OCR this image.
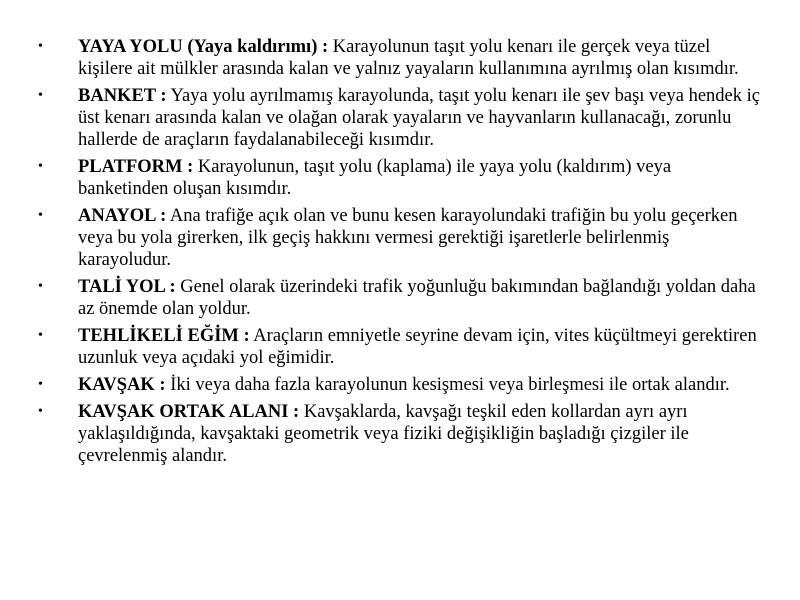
• YAYA YOLU (Yaya kaldırımı) : Karayolunun taşıt yolu kenarı ile gerçek veya tüzel kişilere ait mülkler arasında kalan ve yalnız yayaların kullanımına ayrılmış olan kısımdır.
• BANKET : Yaya yolu ayrılmamış karayolunda, taşıt yolu kenarı ile şev başı veya hendek iç üst kenarı arasında kalan ve olağan olarak yayaların ve hayvanların kullanacağı, zorunlu hallerde de araçların faydalanabileceği kısımdır.
• PLATFORM : Karayolunun, taşıt yolu (kaplama) ile yaya yolu (kaldırım) veya banketinden oluşan kısımdır.
• ANAYOL : Ana trafiğe açık olan ve bunu kesen karayolundaki trafiğin bu yolu geçerken veya bu yola girerken, ilk geçiş hakkını vermesi gerektiği işaretlerle belirlenmiş karayoludur.
• TALİ YOL : Genel olarak üzerindeki trafik yoğunluğu bakımından bağlandığı yoldan daha az önemde olan yoldur.
• TEHLİKELİ EĞİM : Araçların emniyetle seyrine devam için, vites küçültmeyi gerektiren uzunluk veya açıdaki yol eğimidir.
• KAVŞAK : İki veya daha fazla karayolunun kesişmesi veya birleşmesi ile ortak alandır.
• KAVŞAK ORTAK ALANI : Kavşaklarda, kavşağı teşkil eden kollardan ayrı ayrı yaklaşıldığında, kavşaktaki geometrik veya fiziki değişikliğin başladığı çizgiler ile çevrelenmiş alandır.
